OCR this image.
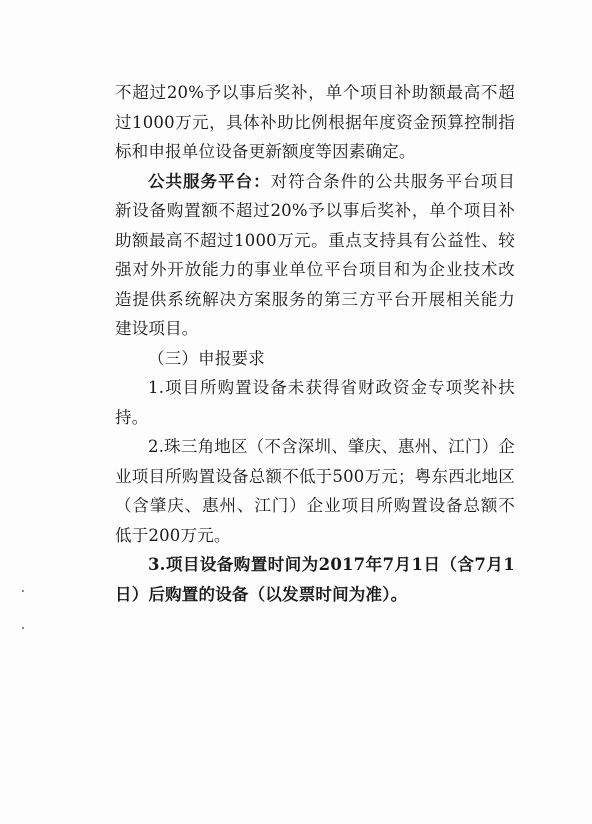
不超过20%予以事后奖补，单个项目补助额最高不超过1000万元，具体补助比例根据年度资金预算控制指标和申报单位设备更新额度等因素确定。

公共服务平台：对符合条件的公共服务平台项目新设备购置额不超过20%予以事后奖补，单个项目补助额最高不超过1000万元。重点支持具有公益性、较强对外开放能力的事业单位平台项目和为企业技术改造提供系统解决方案服务的第三方平台开展相关能力建设项目。

（三）申报要求

1.项目所购置设备未获得省财政资金专项奖补扶持。

2.珠三角地区（不含深圳、肇庆、惠州、江门）企业项目所购置设备总额不低于500万元；粤东西北地区（含肇庆、惠州、江门）企业项目所购置设备总额不低于200万元。

3.项目设备购置时间为2017年7月1日（含7月1日）后购置的设备（以发票时间为准）。
